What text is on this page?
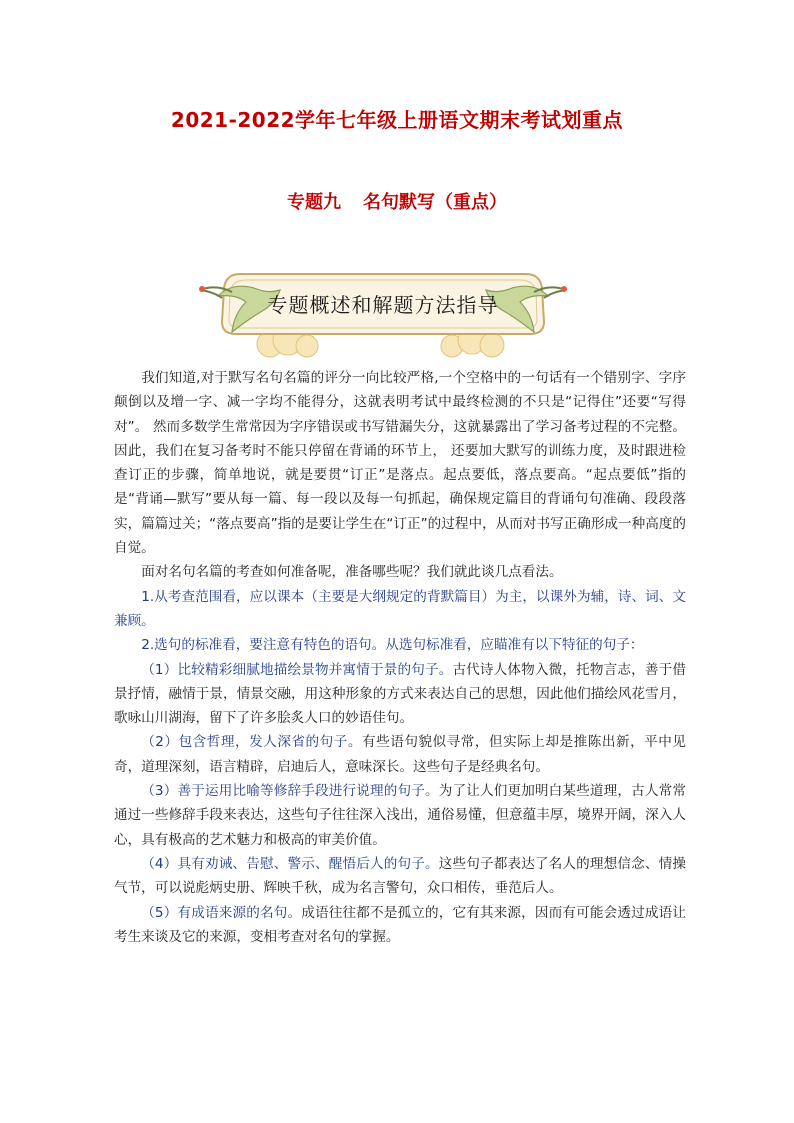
2021-2022学年七年级上册语文期末考试划重点
专题九 名句默写（重点）
专题概述和解题方法指导

我们知道,对于默写名句名篇的评分一向比较严格,一个空格中的一句话有一个错别字、字序颠倒以及增一字、减一字均不能得分，这就表明考试中最终检测的不只是“记得住”还要“写得对”。 然而多数学生常常因为字序错误或书写错漏失分，这就暴露出了学习备考过程的不完整。 因此，我们在复习备考时不能只停留在背诵的环节上， 还要加大默写的训练力度，及时跟进检查订正的步骤，简单地说，就是要贯“订正”是落点。起点要低，落点要高。“起点要低”指的是“背诵—默写”要从每一篇、每一段以及每一句抓起，确保规定篇目的背诵句句准确、段段落实，篇篇过关；“落点要高”指的是要让学生在“订正”的过程中，从而对书写正确形成一种高度的自觉。

面对名句名篇的考查如何准备呢，准备哪些呢？我们就此谈几点看法。

1.从考查范围看，应以课本（主要是大纲规定的背默篇目）为主，以课外为辅，诗、词、文兼顾。

2.选句的标准看，要注意有特色的语句。从选句标准看，应瞄准有以下特征的句子：

（1）比较精彩细腻地描绘景物并寓情于景的句子。古代诗人体物入微，托物言志，善于借景抒情，融情于景，情景交融，用这种形象的方式来表达自己的思想，因此他们描绘风花雪月，歌咏山川湖海，留下了许多脍炙人口的妙语佳句。

（2）包含哲理，发人深省的句子。有些语句貌似寻常，但实际上却是推陈出新，平中见奇，道理深刻，语言精辟，启迪后人，意味深长。这些句子是经典名句。

（3）善于运用比喻等修辞手段进行说理的句子。为了让人们更加明白某些道理，古人常常通过一些修辞手段来表达，这些句子往往深入浅出，通俗易懂，但意蕴丰厚，境界开阔，深入人心，具有极高的艺术魅力和极高的审美价值。

（4）具有劝诫、告慰、警示、醒悟后人的句子。这些句子都表达了名人的理想信念、情操气节，可以说彪炳史册、辉映千秋，成为名言警句，众口相传，垂范后人。

（5）有成语来源的名句。成语往往都不是孤立的，它有其来源，因而有可能会透过成语让考生来谈及它的来源，变相考查对名句的掌握。
